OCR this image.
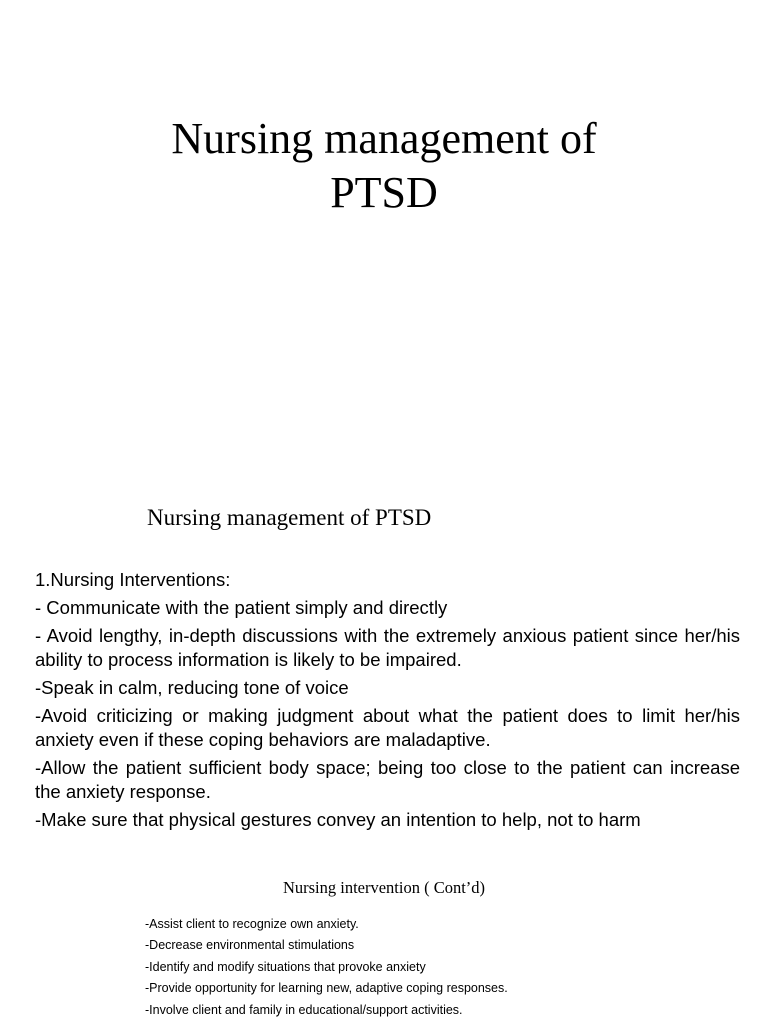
Nursing management of
PTSD
Nursing management of PTSD

1.Nursing Interventions:

- Communicate with the patient simply and directly

- Avoid lengthy, in-depth discussions with the extremely anxious patient since her/his ability to process information is likely to be impaired.

-Speak in calm, reducing tone of voice

-Avoid criticizing or making judgment about what the patient does to limit her/his anxiety even if these coping behaviors are maladaptive.

-Allow the patient sufficient body space; being too close to the patient can increase the anxiety response.

-Make sure that physical gestures convey an intention to help, not to harm

Nursing intervention ( Cont’d)
-Assist client to recognize own anxiety.
-Decrease environmental stimulations
-Identify and modify situations that provoke anxiety
-Provide opportunity for learning new, adaptive coping responses.
-Involve client and family in educational/support activities.
